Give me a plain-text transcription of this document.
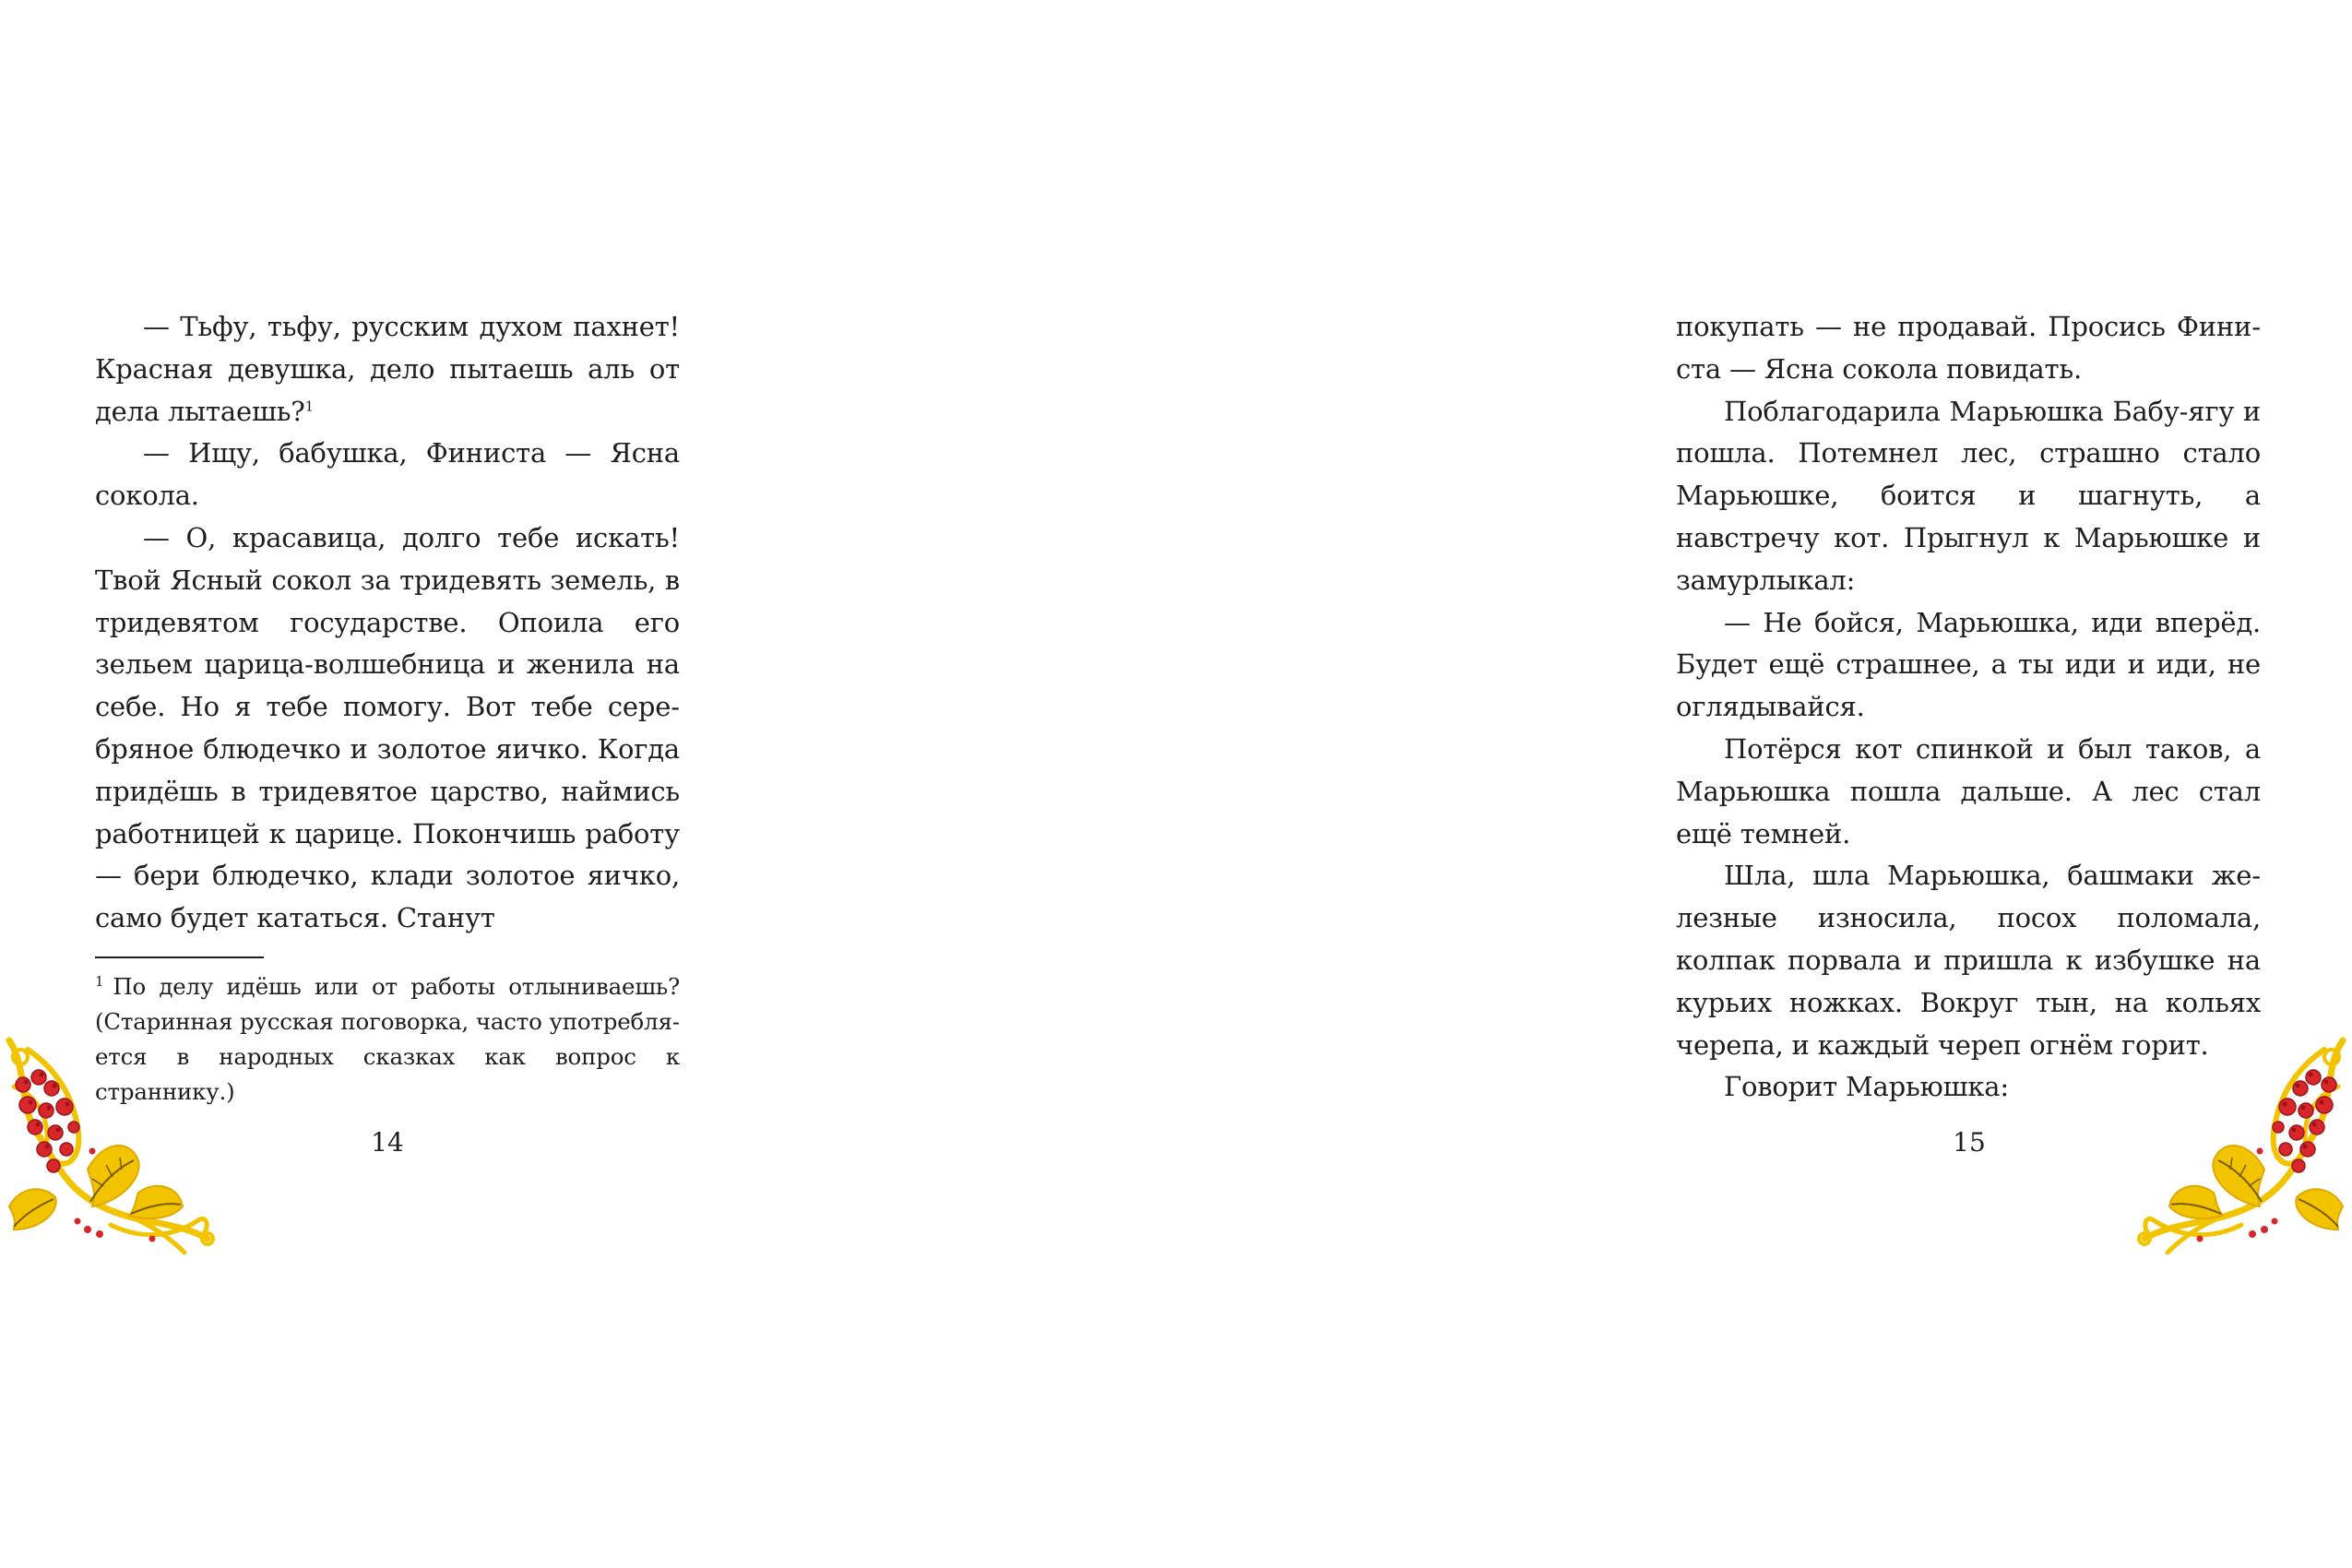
— Тьфу, тьфу, русским духом пахнет! Красная девушка, дело пытаешь аль от дела лытаешь?$^1$

— Ищу, бабушка, Финиста — Ясна сокола.

— О, красавица, долго тебе искать! Твой Ясный сокол за тридевять земель, в тридевятом государстве. Опоила его зельем царица-волшебница и женила на себе. Но я тебе помогу. Вот тебе серебряное блюдечко и золотое яичко. Когда придёшь в тридевятое царство, наймись работницей к царице. Покончишь работу — бери блюдечко, клади золотое яичко, само будет кататься. Станут

$^1$ По делу идёшь или от работы отлыниваешь? (Старинная русская поговорка, часто употребляется в народных сказках как вопрос к страннику.)
14

покупать — не продавай. Просись Финиста — Ясна сокола повидать.

Поблагодарила Марьюшка Бабу-ягу и пошла. Потемнел лес, страшно стало Марьюшке, боится и шагнуть, а навстречу кот. Прыгнул к Марьюшке и замурлыкал:

— Не бойся, Марьюшка, иди вперёд. Будет ещё страшнее, а ты иди и иди, не оглядывайся.

Потёрся кот спинкой и был таков, а Марьюшка пошла дальше. А лес стал ещё темней.

Шла, шла Марьюшка, башмаки железные износила, посох поломала, колпак порвала и пришла к избушке на курьих ножках. Вокруг тын, на кольях черепа, и каждый череп огнём горит.

Говорит Марьюшка:

15
